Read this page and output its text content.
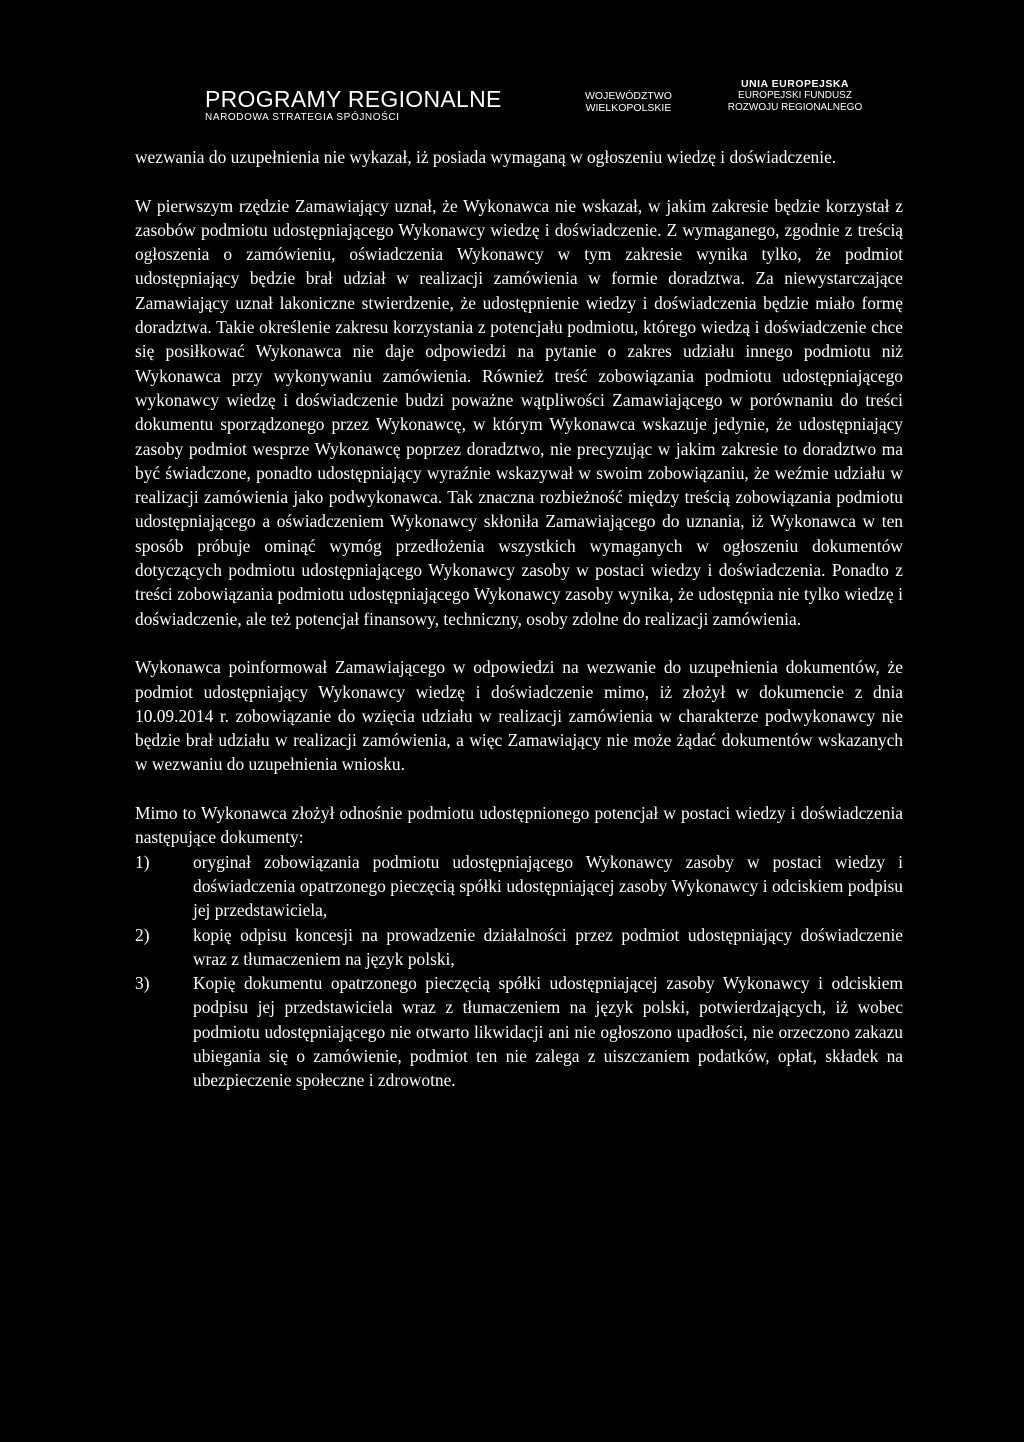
PROGRAMY REGIONALNE
NARODOWA STRATEGIA SPÓJNOŚCI
WOJEWÓDZTWO
WIELKOPOLSKIE
UNIA EUROPEJSKA
EUROPEJSKI FUNDUSZ
ROZWOJU REGIONALNEGO

wezwania do uzupełnienia nie wykazał, iż posiada wymaganą w ogłoszeniu wiedzę i doświadczenie.

W pierwszym rzędzie Zamawiający uznał, że Wykonawca nie wskazał, w jakim zakresie będzie korzystał z zasobów podmiotu udostępniającego Wykonawcy wiedzę i doświadczenie. Z wymaganego, zgodnie z treścią ogłoszenia o zamówieniu, oświadczenia Wykonawcy w tym zakresie wynika tylko, że podmiot udostępniający będzie brał udział w realizacji zamówienia w formie doradztwa. Za niewystarczające Zamawiający uznał lakoniczne stwierdzenie, że udostępnienie wiedzy i doświadczenia będzie miało formę doradztwa. Takie określenie zakresu korzystania z potencjału podmiotu, którego wiedzą i doświadczenie chce się posiłkować Wykonawca nie daje odpowiedzi na pytanie o zakres udziału innego podmiotu niż Wykonawca przy wykonywaniu zamówienia. Również treść zobowiązania podmiotu udostępniającego wykonawcy wiedzę i doświadczenie budzi poważne wątpliwości Zamawiającego w porównaniu do treści dokumentu sporządzonego przez Wykonawcę, w którym Wykonawca wskazuje jedynie, że udostępniający zasoby podmiot wesprze Wykonawcę poprzez doradztwo, nie precyzując w jakim zakresie to doradztwo ma być świadczone, ponadto udostępniający wyraźnie wskazywał w swoim zobowiązaniu, że weźmie udziału w realizacji zamówienia jako podwykonawca. Tak znaczna rozbieżność między treścią zobowiązania podmiotu udostępniającego a oświadczeniem Wykonawcy skłoniła Zamawiającego do uznania, iż Wykonawca w ten sposób próbuje ominąć wymóg przedłożenia wszystkich wymaganych w ogłoszeniu dokumentów dotyczących podmiotu udostępniającego Wykonawcy zasoby w postaci wiedzy i doświadczenia. Ponadto z treści zobowiązania podmiotu udostępniającego Wykonawcy zasoby wynika, że udostępnia nie tylko wiedzę i doświadczenie, ale też potencjał finansowy, techniczny, osoby zdolne do realizacji zamówienia.

Wykonawca poinformował Zamawiającego w odpowiedzi na wezwanie do uzupełnienia dokumentów, że podmiot udostępniający Wykonawcy wiedzę i doświadczenie mimo, iż złożył w dokumencie z dnia 10.09.2014 r. zobowiązanie do wzięcia udziału w realizacji zamówienia w charakterze podwykonawcy nie będzie brał udziału w realizacji zamówienia, a więc Zamawiający nie może żądać dokumentów wskazanych w wezwaniu do uzupełnienia wniosku.

Mimo to Wykonawca złożył odnośnie podmiotu udostępnionego potencjał w postaci wiedzy i doświadczenia następujące dokumenty:

1)	oryginał zobowiązania podmiotu udostępniającego Wykonawcy zasoby w postaci wiedzy i doświadczenia opatrzonego pieczęcią spółki udostępniającej zasoby Wykonawcy i odciskiem podpisu jej przedstawiciela,
2)	kopię odpisu koncesji na prowadzenie działalności przez podmiot udostępniający doświadczenie wraz z tłumaczeniem na język polski,
3)	Kopię dokumentu opatrzonego pieczęcią spółki udostępniającej zasoby Wykonawcy i odciskiem podpisu jej przedstawiciela wraz z tłumaczeniem na język polski, potwierdzających, iż wobec podmiotu udostępniającego nie otwarto likwidacji ani nie ogłoszono upadłości, nie orzeczono zakazu ubiegania się o zamówienie, podmiot ten nie zalega z uiszczaniem podatków, opłat, składek na ubezpieczenie społeczne i zdrowotne.
